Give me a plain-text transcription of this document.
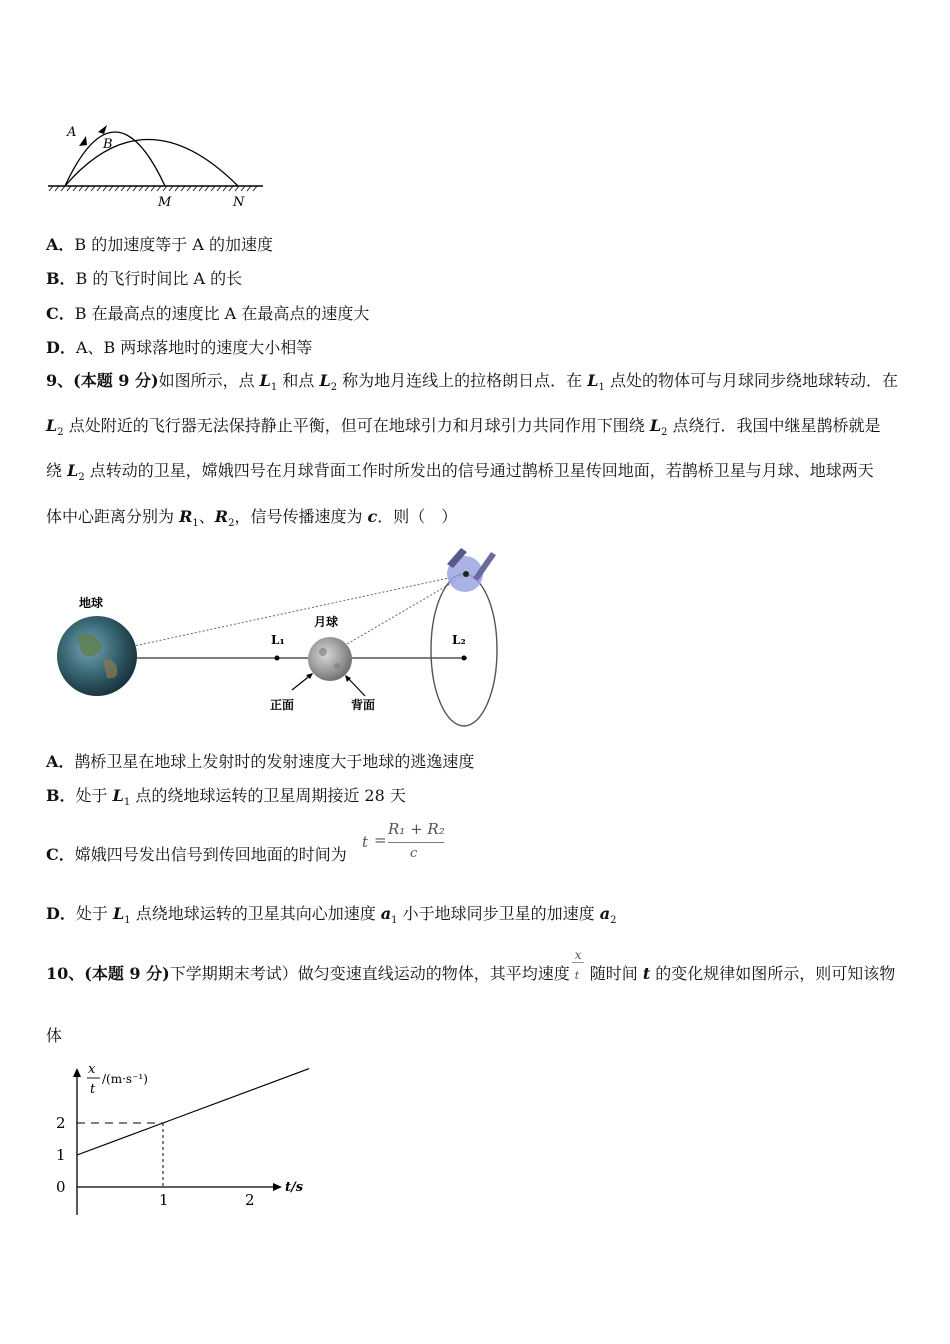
A
B
M	N
A．B 的加速度等于 A 的加速度
B．B 的飞行时间比 A 的长
C．B 在最高点的速度比 A 在最高点的速度大
D．A、B 两球落地时的速度大小相等
9、(本题 9 分)如图所示，点 $L_1$ 和点 $L_2$ 称为地月连线上的拉格朗日点．在 $L_1$ 点处的物体可与月球同步绕地球转动．在
$L_2$ 点处附近的飞行器无法保持静止平衡，但可在地球引力和月球引力共同作用下围绕 $L_2$ 点绕行．我国中继星鹊桥就是
绕 $L_2$ 点转动的卫星，嫦娥四号在月球背面工作时所发出的信号通过鹊桥卫星传回地面，若鹊桥卫星与月球、地球两天
体中心距离分别为 $R_1$、$R_2$，信号传播速度为 c．则（　）
地球
月球
L₁	L₂
正面	背面
A．鹊桥卫星在地球上发射时的发射速度大于地球的逃逸速度
B．处于 $L_1$ 点的绕地球运转的卫星周期接近 28 天
C．嫦娥四号发出信号到传回地面的时间为
t =
R₁ + R₂
c
D．处于 $L_1$ 点绕地球运转的卫星其向心加速度 $a_1$ 小于地球同步卫星的加速度 $a_2$
10、(本题 9 分)下学期期末考试）做匀变速直线运动的物体，其平均速度 $\frac{x}{t}$ 随时间 t 的变化规律如图所示，则可知该物
体
x
t
/(m·s⁻¹)
t/s
2
1
0
1	2
